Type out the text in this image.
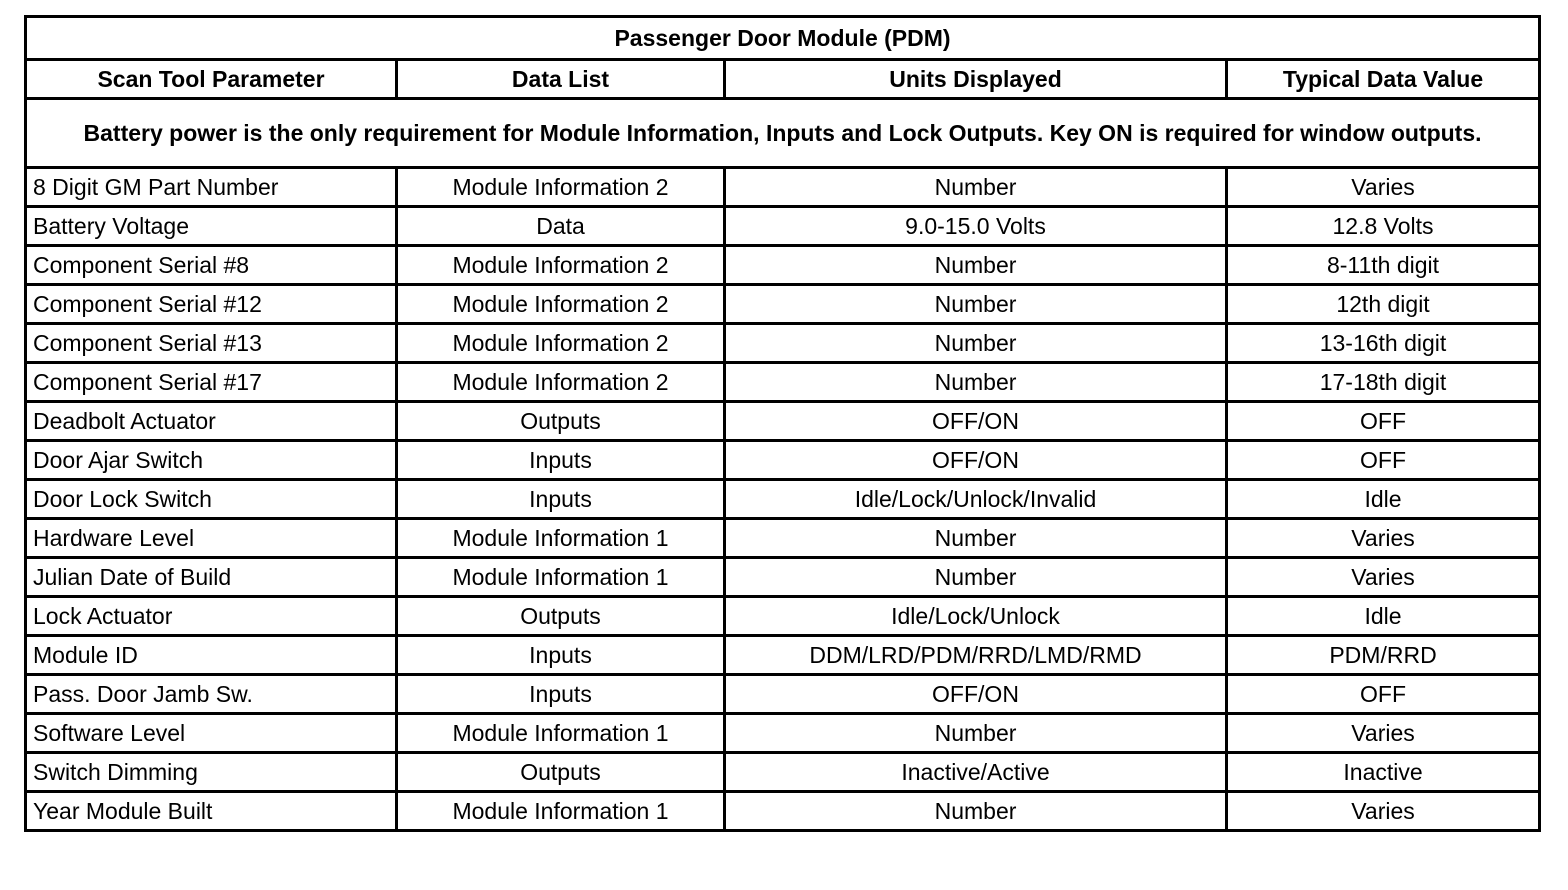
Passenger Door Module (PDM)			
Scan Tool Parameter	Data List	Units Displayed	Typical Data Value
Battery power is the only requirement for Module Information, Inputs and Lock Outputs. Key ON is required for window outputs.			
8 Digit GM Part Number	Module Information 2	Number	Varies
Battery Voltage	Data	9.0-15.0 Volts	12.8 Volts
Component Serial #8	Module Information 2	Number	8-11th digit
Component Serial #12	Module Information 2	Number	12th digit
Component Serial #13	Module Information 2	Number	13-16th digit
Component Serial #17	Module Information 2	Number	17-18th digit
Deadbolt Actuator	Outputs	OFF/ON	OFF
Door Ajar Switch	Inputs	OFF/ON	OFF
Door Lock Switch	Inputs	Idle/Lock/Unlock/Invalid	Idle
Hardware Level	Module Information 1	Number	Varies
Julian Date of Build	Module Information 1	Number	Varies
Lock Actuator	Outputs	Idle/Lock/Unlock	Idle
Module ID	Inputs	DDM/LRD/PDM/RRD/LMD/RMD	PDM/RRD
Pass. Door Jamb Sw.	Inputs	OFF/ON	OFF
Software Level	Module Information 1	Number	Varies
Switch Dimming	Outputs	Inactive/Active	Inactive
Year Module Built	Module Information 1	Number	Varies
